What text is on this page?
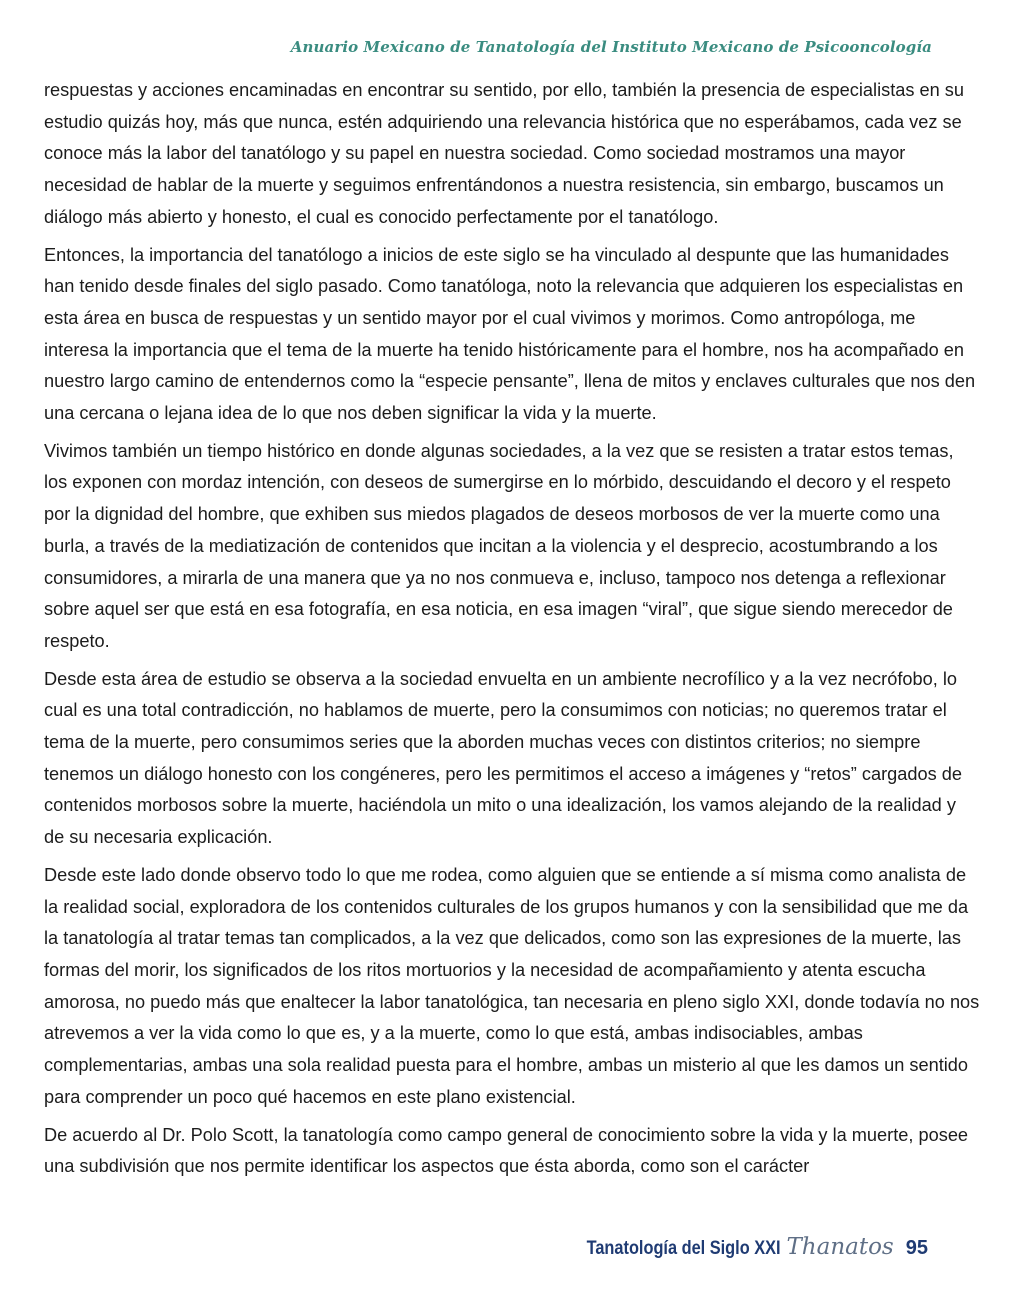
Anuario Mexicano de Tanatología del Instituto Mexicano de Psicooncología

respuestas y acciones encaminadas en encontrar su sentido, por ello, también la presencia de especialistas en su estudio quizás hoy, más que nunca, estén adquiriendo una relevancia histórica que no esperábamos, cada vez se conoce más la labor del tanatólogo y su papel en nuestra sociedad. Como sociedad mostramos una mayor necesidad de hablar de la muerte y seguimos enfrentándonos a nuestra resistencia, sin embargo, buscamos un diálogo más abierto y honesto, el cual es conocido perfectamente por el tanatólogo.

Entonces, la importancia del tanatólogo a inicios de este siglo se ha vinculado al despunte que las humanidades han tenido desde finales del siglo pasado. Como tanatóloga, noto la relevancia que adquieren los especialistas en esta área en busca de respuestas y un sentido mayor por el cual vivimos y morimos. Como antropóloga, me interesa la importancia que el tema de la muerte ha tenido históricamente para el hombre, nos ha acompañado en nuestro largo camino de entendernos como la “especie pensante”, llena de mitos y enclaves culturales que nos den una cercana o lejana idea de lo que nos deben significar la vida y la muerte.

Vivimos también un tiempo histórico en donde algunas sociedades, a la vez que se resisten a tratar estos temas, los exponen con mordaz intención, con deseos de sumergirse en lo mórbido, descuidando el decoro y el respeto por la dignidad del hombre, que exhiben sus miedos plagados de deseos morbosos de ver la muerte como una burla, a través de la mediatización de contenidos que incitan a la violencia y el desprecio, acostumbrando a los consumidores, a mirarla de una manera que ya no nos conmueva e, incluso, tampoco nos detenga a reflexionar sobre aquel ser que está en esa fotografía, en esa noticia, en esa imagen “viral”, que sigue siendo merecedor de respeto.

Desde esta área de estudio se observa a la sociedad envuelta en un ambiente necrofílico y a la vez necrófobo, lo cual es una total contradicción, no hablamos de muerte, pero la consumimos con noticias; no queremos tratar el tema de la muerte, pero consumimos series que la aborden muchas veces con distintos criterios; no siempre tenemos un diálogo honesto con los congéneres, pero les permitimos el acceso a imágenes y “retos” cargados de contenidos morbosos sobre la muerte, haciéndola un mito o una idealización, los vamos alejando de la realidad y de su necesaria explicación.

Desde este lado donde observo todo lo que me rodea, como alguien que se entiende a sí misma como analista de la realidad social, exploradora de los contenidos culturales de los grupos humanos y con la sensibilidad que me da la tanatología al tratar temas tan complicados, a la vez que delicados, como son las expresiones de la muerte, las formas del morir, los significados de los ritos mortuorios y la necesidad de acompañamiento y atenta escucha amorosa, no puedo más que enaltecer la labor tanatológica, tan necesaria en pleno siglo XXI, donde todavía no nos atrevemos a ver la vida como lo que es, y a la muerte, como lo que está, ambas indisociables, ambas complementarias, ambas una sola realidad puesta para el hombre, ambas un misterio al que les damos un sentido para comprender un poco qué hacemos en este plano existencial.

De acuerdo al Dr. Polo Scott, la tanatología como campo general de conocimiento sobre la vida y la muerte, posee una subdivisión que nos permite identificar los aspectos que ésta aborda, como son el carácter

Tanatología del Siglo XXI Thanatos 95
